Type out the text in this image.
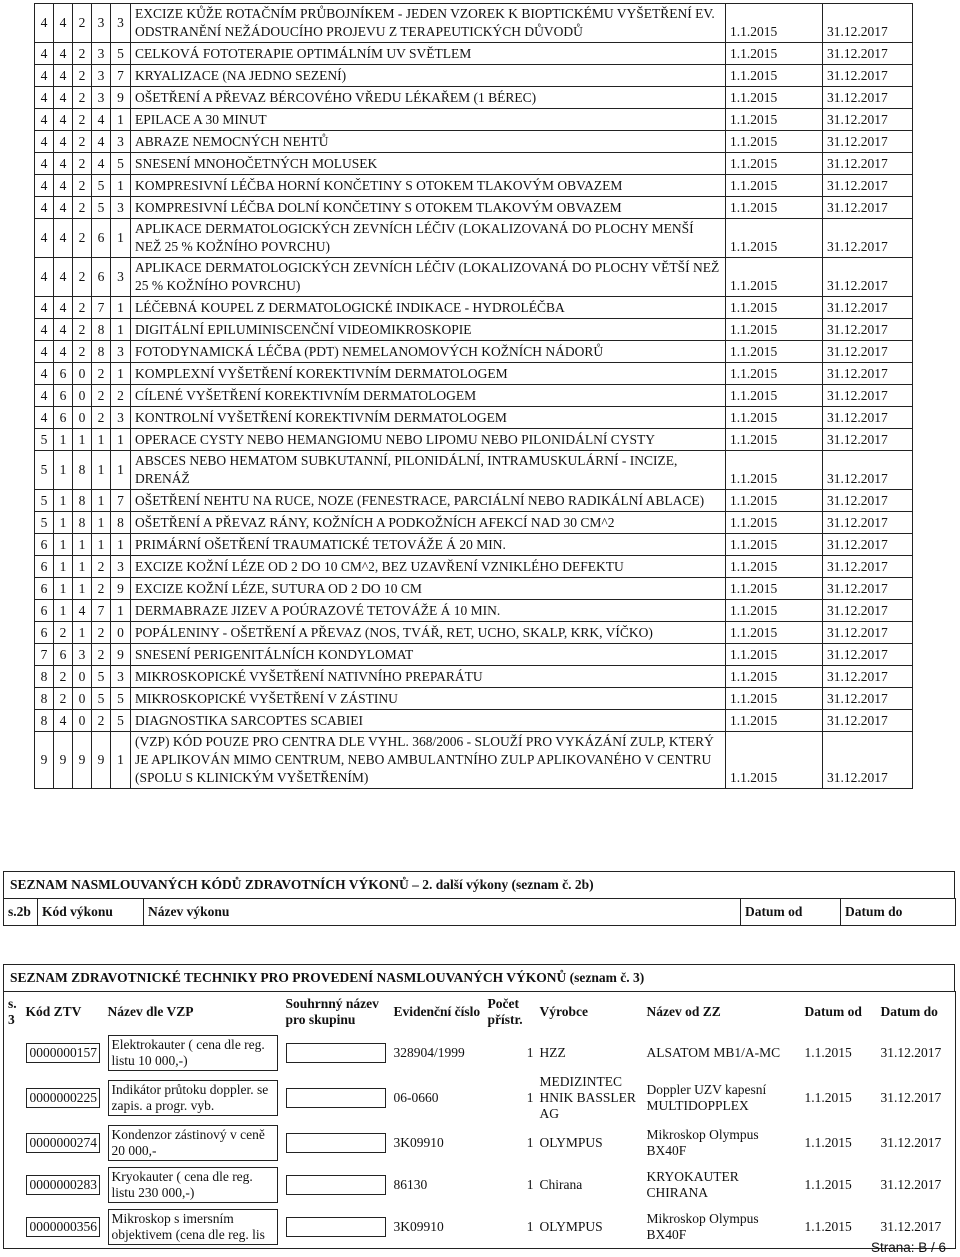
4	4	2	3	3	EXCIZE KŮŽE ROTAČNÍM PRŮBOJNÍKEM - JEDEN VZOREK K BIOPTICKÉMU VYŠETŘENÍ EV. ODSTRANĚNÍ NEŽÁDOUCÍHO PROJEVU Z TERAPEUTICKÝCH DŮVODŮ	1.1.2015	31.12.2017
4	4	2	3	5	CELKOVÁ FOTOTERAPIE OPTIMÁLNÍM UV SVĚTLEM	1.1.2015	31.12.2017
4	4	2	3	7	KRYALIZACE (NA JEDNO SEZENÍ)	1.1.2015	31.12.2017
4	4	2	3	9	OŠETŘENÍ A PŘEVAZ BÉRCOVÉHO VŘEDU LÉKAŘEM (1 BÉREC)	1.1.2015	31.12.2017
4	4	2	4	1	EPILACE A 30 MINUT	1.1.2015	31.12.2017
4	4	2	4	3	ABRAZE NEMOCNÝCH NEHTŮ	1.1.2015	31.12.2017
4	4	2	4	5	SNESENÍ MNOHOČETNÝCH MOLUSEK	1.1.2015	31.12.2017
4	4	2	5	1	KOMPRESIVNÍ LÉČBA HORNÍ KONČETINY S OTOKEM TLAKOVÝM OBVAZEM	1.1.2015	31.12.2017
4	4	2	5	3	KOMPRESIVNÍ LÉČBA DOLNÍ KONČETINY S OTOKEM TLAKOVÝM OBVAZEM	1.1.2015	31.12.2017
4	4	2	6	1	APLIKACE DERMATOLOGICKÝCH ZEVNÍCH LÉČIV (LOKALIZOVANÁ DO PLOCHY MENŠÍ NEŽ 25 % KOŽNÍHO POVRCHU)	1.1.2015	31.12.2017
4	4	2	6	3	APLIKACE DERMATOLOGICKÝCH ZEVNÍCH LÉČIV (LOKALIZOVANÁ DO PLOCHY VĚTŠÍ NEŽ 25 % KOŽNÍHO POVRCHU)	1.1.2015	31.12.2017
4	4	2	7	1	LÉČEBNÁ KOUPEL Z DERMATOLOGICKÉ INDIKACE - HYDROLÉČBA	1.1.2015	31.12.2017
4	4	2	8	1	DIGITÁLNÍ EPILUMINISCENČNÍ VIDEOMIKROSKOPIE	1.1.2015	31.12.2017
4	4	2	8	3	FOTODYNAMICKÁ LÉČBA (PDT) NEMELANOMOVÝCH KOŽNÍCH NÁDORŮ	1.1.2015	31.12.2017
4	6	0	2	1	KOMPLEXNÍ VYŠETŘENÍ KOREKTIVNÍM DERMATOLOGEM	1.1.2015	31.12.2017
4	6	0	2	2	CÍLENÉ VYŠETŘENÍ KOREKTIVNÍM DERMATOLOGEM	1.1.2015	31.12.2017
4	6	0	2	3	KONTROLNÍ VYŠETŘENÍ KOREKTIVNÍM DERMATOLOGEM	1.1.2015	31.12.2017
5	1	1	1	1	OPERACE CYSTY NEBO HEMANGIOMU NEBO LIPOMU NEBO PILONIDÁLNÍ CYSTY	1.1.2015	31.12.2017
5	1	8	1	1	ABSCES NEBO HEMATOM SUBKUTANNÍ, PILONIDÁLNÍ, INTRAMUSKULÁRNÍ - INCIZE, DRENÁŽ	1.1.2015	31.12.2017
5	1	8	1	7	OŠETŘENÍ NEHTU NA RUCE, NOZE (FENESTRACE, PARCIÁLNÍ NEBO RADIKÁLNÍ ABLACE)	1.1.2015	31.12.2017
5	1	8	1	8	OŠETŘENÍ A PŘEVAZ RÁNY, KOŽNÍCH A PODKOŽNÍCH AFEKCÍ NAD 30 CM^2	1.1.2015	31.12.2017
6	1	1	1	1	PRIMÁRNÍ OŠETŘENÍ TRAUMATICKÉ TETOVÁŽE Á 20 MIN.	1.1.2015	31.12.2017
6	1	1	2	3	EXCIZE KOŽNÍ LÉZE OD 2 DO 10 CM^2, BEZ UZAVŘENÍ VZNIKLÉHO DEFEKTU	1.1.2015	31.12.2017
6	1	1	2	9	EXCIZE KOŽNÍ LÉZE, SUTURA OD 2 DO 10 CM	1.1.2015	31.12.2017
6	1	4	7	1	DERMABRAZE JIZEV A POÚRAZOVÉ TETOVÁŽE Á 10 MIN.	1.1.2015	31.12.2017
6	2	1	2	0	POPÁLENINY - OŠETŘENÍ A PŘEVAZ (NOS, TVÁŘ, RET, UCHO, SKALP, KRK, VÍČKO)	1.1.2015	31.12.2017
7	6	3	2	9	SNESENÍ PERIGENITÁLNÍCH KONDYLOMAT	1.1.2015	31.12.2017
8	2	0	5	3	MIKROSKOPICKÉ VYŠETŘENÍ NATIVNÍHO PREPARÁTU	1.1.2015	31.12.2017
8	2	0	5	5	MIKROSKOPICKÉ VYŠETŘENÍ V ZÁSTINU	1.1.2015	31.12.2017
8	4	0	2	5	DIAGNOSTIKA SARCOPTES SCABIEI	1.1.2015	31.12.2017
9	9	9	9	1	(VZP) KÓD POUZE PRO CENTRA DLE VYHL. 368/2006 - SLOUŽÍ PRO VYKÁZÁNÍ ZULP, KTERÝ JE APLIKOVÁN MIMO CENTRUM, NEBO AMBULANTNÍHO ZULP APLIKOVANÉHO V CENTRU (SPOLU S KLINICKÝM VYŠETŘENÍM)	1.1.2015	31.12.2017
SEZNAM NASMLOUVANÝCH KÓDŮ ZDRAVOTNÍCH VÝKONŮ – 2. další výkony (seznam č. 2b)
s.2b	Kód výkonu	Název výkonu	Datum od	Datum do
SEZNAM ZDRAVOTNICKÉ TECHNIKY PRO PROVEDENÍ NASMLOUVANÝCH VÝKONŮ (seznam č. 3)
s. 3	Kód ZTV	Název dle VZP	Souhrnný název pro skupinu	Evidenční číslo	Počet přístr.	Výrobce	Název od ZZ	Datum od	Datum do

	0000000157	Elektrokauter ( cena dle reg. listu 10 000,-)		328904/1999	1	HZZ	ALSATOM MB1/A-MC	1.1.2015	31.12.2017

	0000000225	Indikátor průtoku doppler. se zapis. a progr. vyb.		06-0660	1	MEDIZINTEC HNIK BASSLER AG	Doppler UZV kapesní MULTIDOPPLEX	1.1.2015	31.12.2017

	0000000274	Kondenzor zástinový v ceně 20 000,-		3K09910	1	OLYMPUS	Mikroskop Olympus BX40F	1.1.2015	31.12.2017

	0000000283	Kryokauter ( cena dle reg. listu 230 000,-)		86130	1	Chirana	KRYOKAUTER CHIRANA	1.1.2015	31.12.2017

	0000000356	Mikroskop s imersním objektivem (cena dle reg. lis		3K09910	1	OLYMPUS	Mikroskop Olympus BX40F	1.1.2015	31.12.2017
Strana: B / 6
